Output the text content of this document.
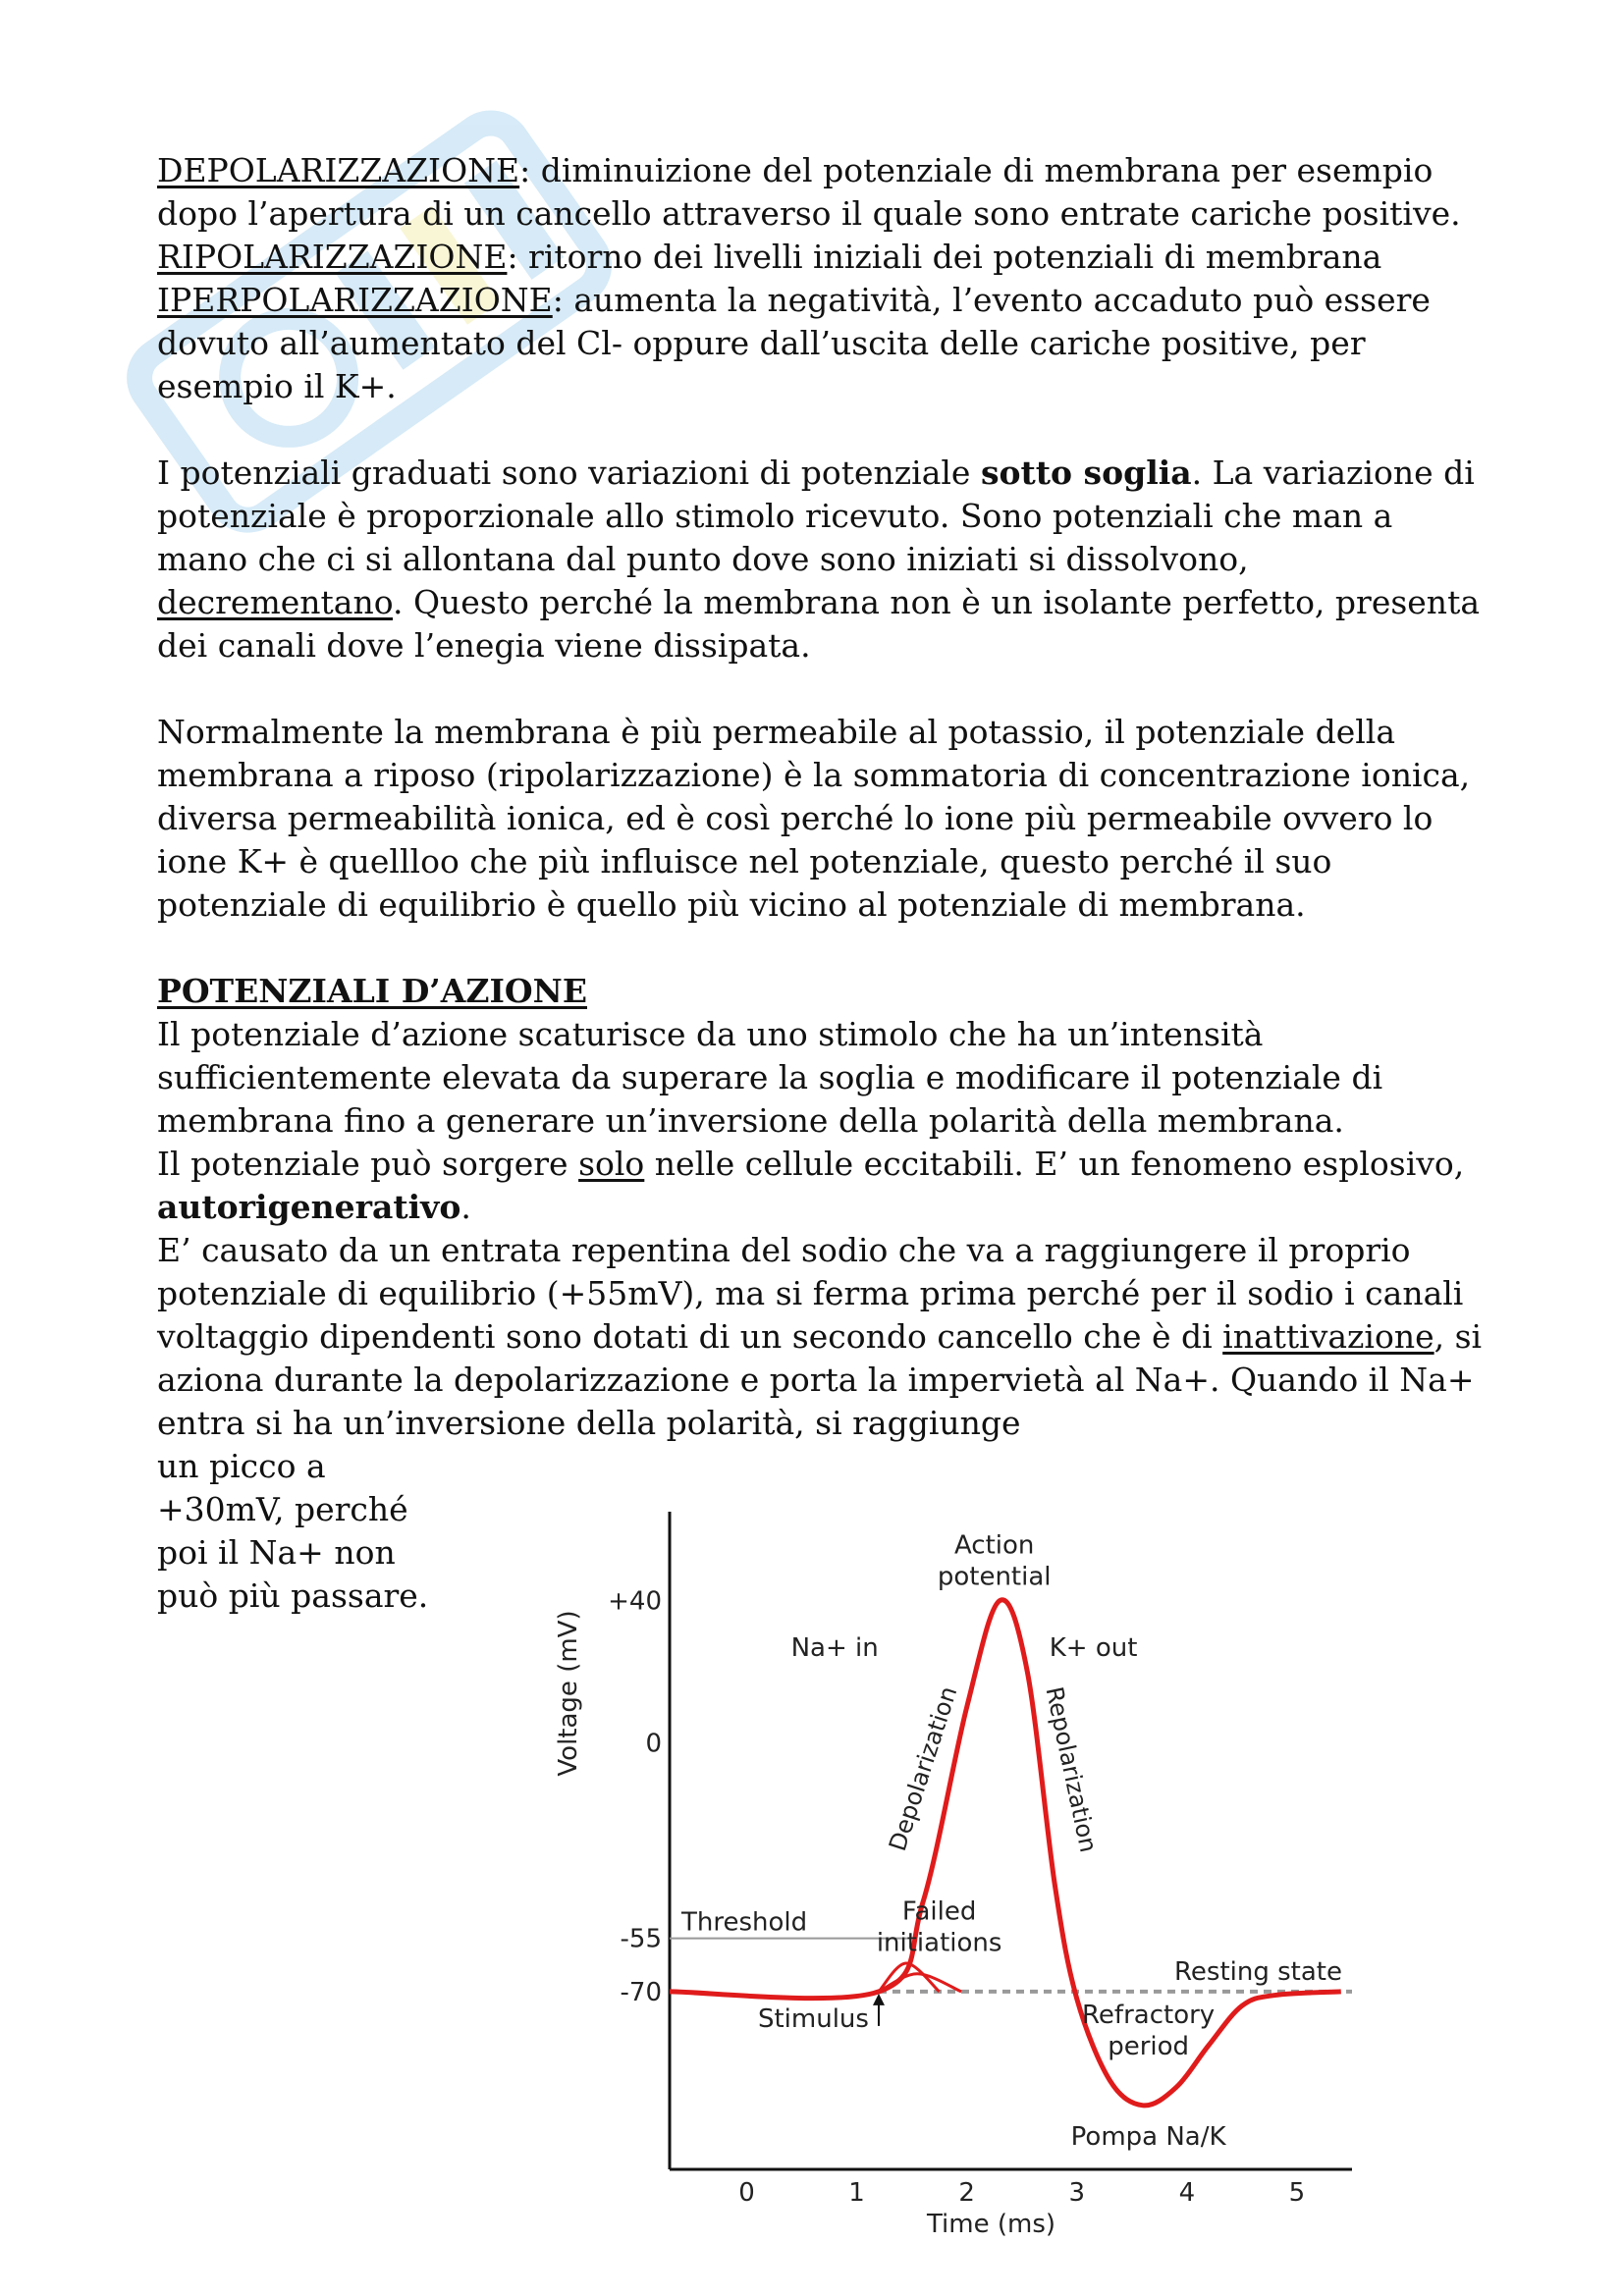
DEPOLARIZZAZIONE: diminuizione del potenziale di membrana per esempio dopo l’apertura di un cancello attraverso il quale sono entrate cariche positive.

RIPOLARIZZAZIONE: ritorno dei livelli iniziali dei potenziali di membrana

IPERPOLARIZZAZIONE: aumenta la negatività, l’evento accaduto può essere dovuto all’aumentato del Cl- oppure dall’uscita delle cariche positive, per esempio il K+.

I potenziali graduati sono variazioni di potenziale sotto soglia. La variazione di potenziale è proporzionale allo stimolo ricevuto. Sono potenziali che man a mano che ci si allontana dal punto dove sono iniziati si dissolvono, decrementano. Questo perché la membrana non è un isolante perfetto, presenta dei canali dove l’enegia viene dissipata.

Normalmente la membrana è più permeabile al potassio, il potenziale della membrana a riposo (ripolarizzazione) è la sommatoria di concentrazione ionica, diversa permeabilità ionica, ed è così perché lo ione più permeabile ovvero lo ione K+ è quellloo che più influisce nel potenziale, questo perché il suo potenziale di equilibrio è quello più vicino al potenziale di membrana.

POTENZIALI D’AZIONE

Il potenziale d’azione scaturisce da uno stimolo che ha un’intensità sufficientemente elevata da superare la soglia e modificare il potenziale di membrana fino a generare un’inversione della polarità della membrana.

Il potenziale può sorgere solo nelle cellule eccitabili. E’ un fenomeno esplosivo, autorigenerativo.

E’ causato da un entrata repentina del sodio che va a raggiungere il proprio potenziale di equilibrio (+55mV), ma si ferma prima perché per il sodio i canali voltaggio dipendenti sono dotati di un secondo cancello che è di inattivazione, si aziona durante la depolarizzazione e porta la impervietà al Na+. Quando il Na+ entra si ha un’inversione della polarità, si raggiunge

un picco a +30mV, perché poi il Na+ non può più passare.	+40
0
-55
-70
0	1	2	3	4	5
Time (ms)
Voltage (mV)
Action
potential
Na+ in	K+ out
Depolarization	Repolarization
Threshold	Failed
initiations
Resting state
Stimulus	Refractory
period
Pompa Na/K
